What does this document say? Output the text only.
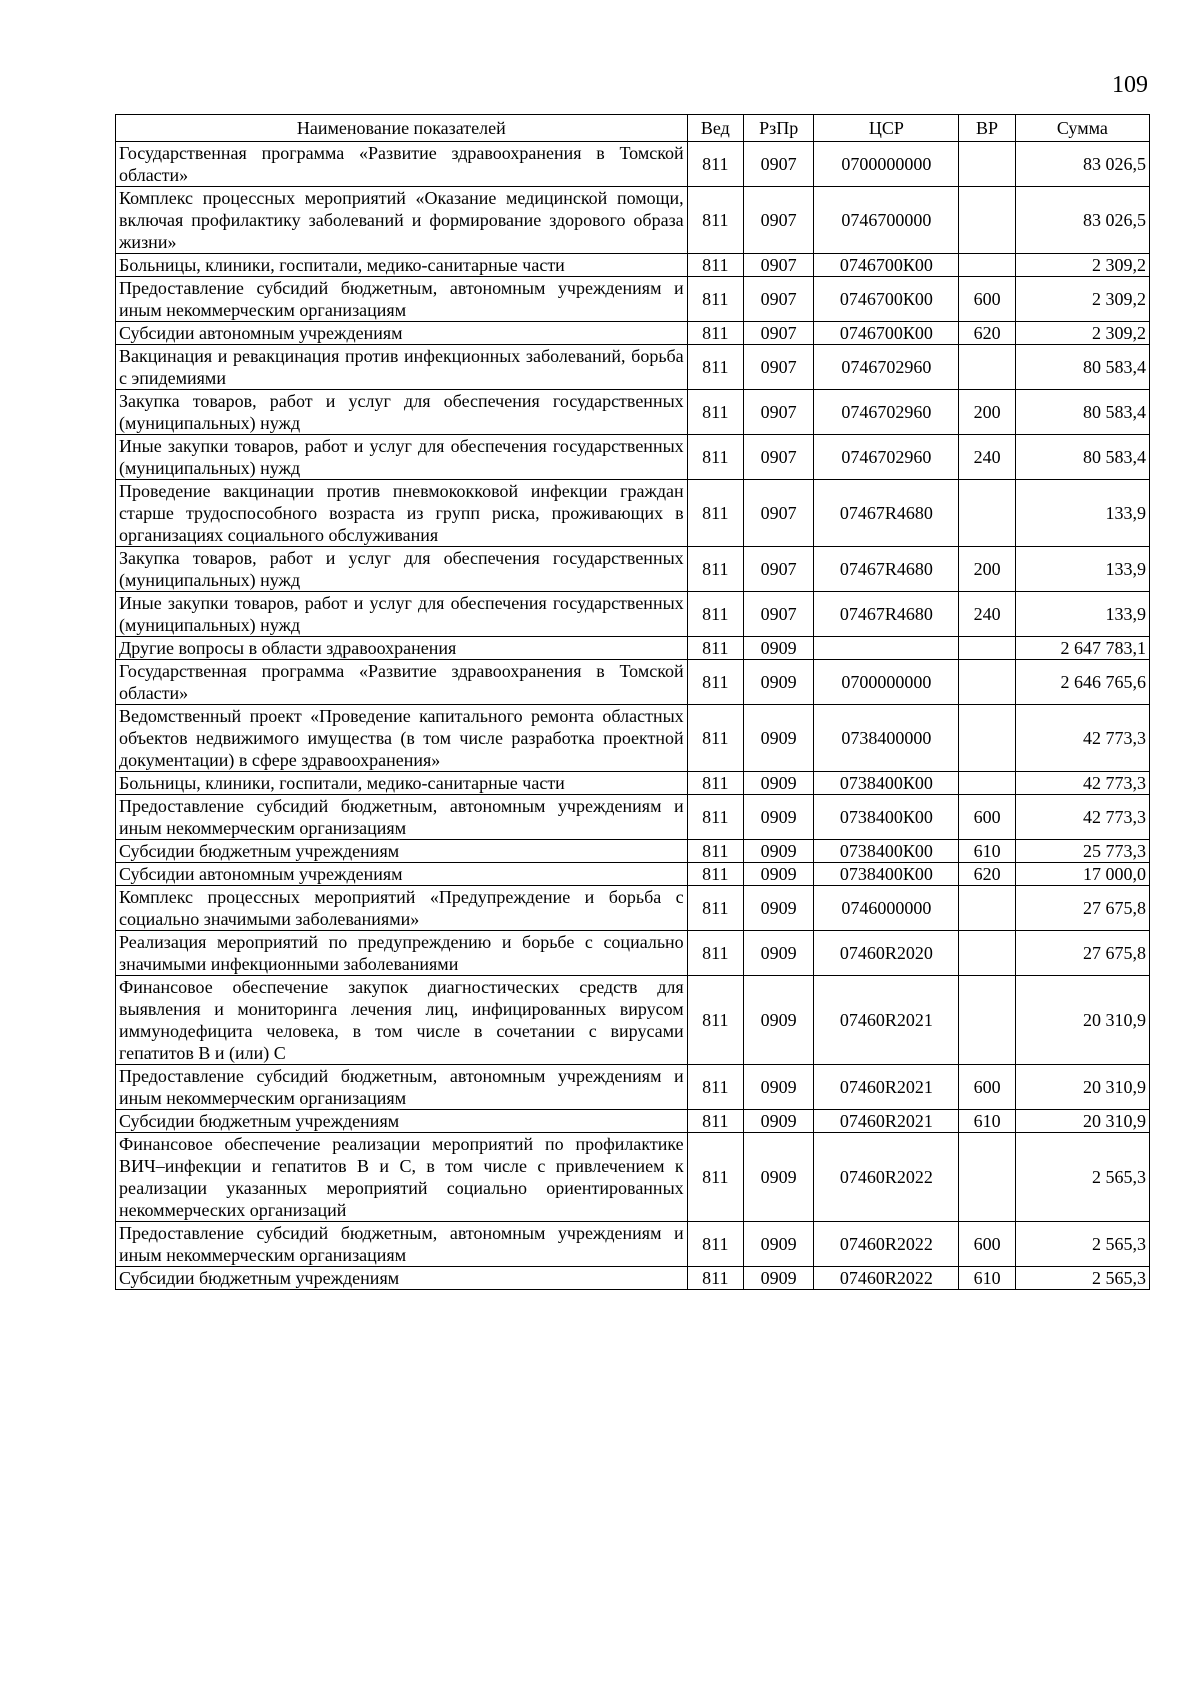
109
Наименование показателей	Вед	РзПр	ЦСР	ВР	Сумма
Государственная программа «Развитие здравоохранения в Томской области»	811	0907	0700000000		83 026,5
Комплекс процессных мероприятий «Оказание медицинской помощи, включая профилактику заболеваний и формирование здорового образа жизни»	811	0907	0746700000		83 026,5
Больницы, клиники, госпитали, медико-санитарные части	811	0907	0746700К00		2 309,2
Предоставление субсидий бюджетным, автономным учреждениям и иным некоммерческим организациям	811	0907	0746700К00	600	2 309,2
Субсидии автономным учреждениям	811	0907	0746700К00	620	2 309,2
Вакцинация и ревакцинация против инфекционных заболеваний, борьба с эпидемиями	811	0907	0746702960		80 583,4
Закупка товаров, работ и услуг для обеспечения государственных (муниципальных) нужд	811	0907	0746702960	200	80 583,4
Иные закупки товаров, работ и услуг для обеспечения государственных (муниципальных) нужд	811	0907	0746702960	240	80 583,4
Проведение вакцинации против пневмококковой инфекции граждан старше трудоспособного возраста из групп риска, проживающих в организациях социального обслуживания	811	0907	07467R4680		133,9
Закупка товаров, работ и услуг для обеспечения государственных (муниципальных) нужд	811	0907	07467R4680	200	133,9
Иные закупки товаров, работ и услуг для обеспечения государственных (муниципальных) нужд	811	0907	07467R4680	240	133,9
Другие вопросы в области здравоохранения	811	0909			2 647 783,1
Государственная программа «Развитие здравоохранения в Томской области»	811	0909	0700000000		2 646 765,6
Ведомственный проект «Проведение капитального ремонта областных объектов недвижимого имущества (в том числе разработка проектной документации) в сфере здравоохранения»	811	0909	0738400000		42 773,3
Больницы, клиники, госпитали, медико-санитарные части	811	0909	0738400К00		42 773,3
Предоставление субсидий бюджетным, автономным учреждениям и иным некоммерческим организациям	811	0909	0738400К00	600	42 773,3
Субсидии бюджетным учреждениям	811	0909	0738400К00	610	25 773,3
Субсидии автономным учреждениям	811	0909	0738400К00	620	17 000,0
Комплекс процессных мероприятий «Предупреждение и борьба с социально значимыми заболеваниями»	811	0909	0746000000		27 675,8
Реализация мероприятий по предупреждению и борьбе с социально значимыми инфекционными заболеваниями	811	0909	07460R2020		27 675,8
Финансовое обеспечение закупок диагностических средств для выявления и мониторинга лечения лиц, инфицированных вирусом иммунодефицита человека, в том числе в сочетании с вирусами гепатитов В и (или) С	811	0909	07460R2021		20 310,9
Предоставление субсидий бюджетным, автономным учреждениям и иным некоммерческим организациям	811	0909	07460R2021	600	20 310,9
Субсидии бюджетным учреждениям	811	0909	07460R2021	610	20 310,9
Финансовое обеспечение реализации мероприятий по профилактике ВИЧ–инфекции и гепатитов В и С, в том числе с привлечением к реализации указанных мероприятий социально ориентированных некоммерческих организаций	811	0909	07460R2022		2 565,3
Предоставление субсидий бюджетным, автономным учреждениям и иным некоммерческим организациям	811	0909	07460R2022	600	2 565,3
Субсидии бюджетным учреждениям	811	0909	07460R2022	610	2 565,3
